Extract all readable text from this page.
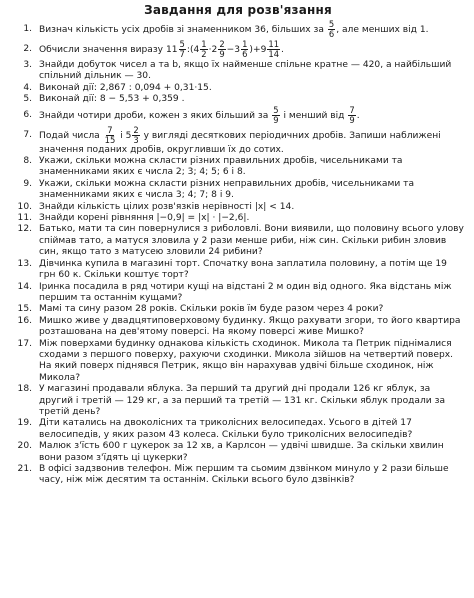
Завдання для розв'язання
1. Визнач кількість усіх дробів зі знаменником 36, більших за $\frac{5}{6}$ , але менших від 1.
2. Обчисли значення виразу $11 \frac{5}{7}$ :(4 $\frac{1}{2} \cdot 2 \frac{2}{9} -3 \frac{1}{6} )+9 \frac{11}{14}$ .
3. Знайди добуток чисел a та b, якщо їх найменше спільне кратне — 420, а найбільший спільний дільник — 30.
4. Виконай дії: 2,867 : 0,094 + 0,31·15.
5. Виконай дії: 8 − 5,53 + 0,359 .
6. Знайди чотири дроби, кожен з яких більший за $\frac{5}{9}$ і менший від $\frac{7}{9}$ .
7. Подай числа $\frac{7}{15}$ і $5 \frac{2}{3}$ у вигляді десяткових періодичних дробів. Запиши наближені значення поданих дробів, округливши їх до сотих.
8. Укажи, скільки можна скласти різних правильних дробів, чисельниками та знаменниками яких є числа 2; 3; 4; 5; 6 і 8.
9. Укажи, скільки можна скласти різних неправильних дробів, чисельниками та знаменниками яких є числа 3; 4; 7; 8 і 9.
10. Знайди кількість цілих розв'язків нерівності |x| < 14.
11. Знайди корені рівняння |−0,9| = |x| · |−2,6|.
12. Батько, мати та син повернулися з риболовлі. Вони виявили, що половину всього улову спіймав тато, а матуся зловила у 2 рази менше риби, ніж син. Скільки рибин зловив син, якщо тато з матусею зловили 24 рибини?
13. Дівчинка купила в магазині торт. Спочатку вона заплатила половину, а потім ще 19 грн 60 к. Скільки коштує торт?
14. Іринка посадила в ряд чотири кущі на відстані 2 м один від одного. Яка відстань між першим та останнім кущами?
15. Мамі та сину разом 28 років. Скільки років їм буде разом через 4 роки?
16. Мишко живе у двадцятиповерховому будинку. Якщо рахувати згори, то його квартира розташована на дев'ятому поверсі. На якому поверсі живе Мишко?
17. Між поверхами будинку однакова кількість сходинок. Микола та Петрик піднімалися сходами з першого поверху, рахуючи сходинки. Микола зійшов на четвертий поверх. На який поверх піднявся Петрик, якщо він нарахував удвічі більше сходинок, ніж Микола?
18. У магазині продавали яблука. За перший та другий дні продали 126 кг яблук, за другий і третій — 129 кг, а за перший та третій — 131 кг. Скільки яблук продали за третій день?
19. Діти катались на двоколісних та триколісних велосипедах. Усього в дітей 17 велосипедів, у яких разом 43 колеса. Скільки було триколісних велосипедів?
20. Малюк з'їсть 600 г цукерок за 12 хв, а Карлсон — удвічі швидше. За скільки хвилин вони разом з'їдять ці цукерки?
21. В офісі задзвонив телефон. Між першим та сьомим дзвінком минуло у 2 рази більше часу, ніж між десятим та останнім. Скільки всього було дзвінків?
